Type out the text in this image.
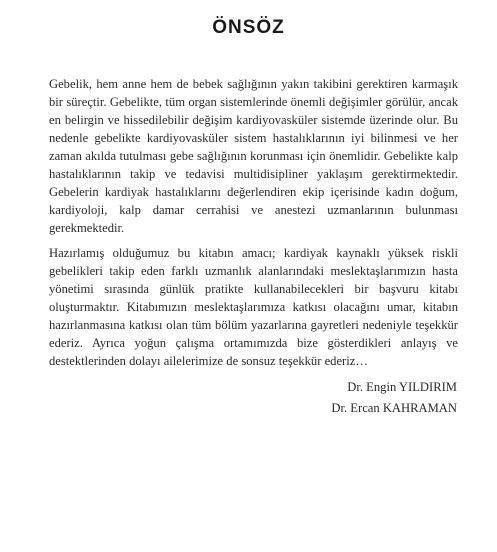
ÖNSÖZ

Gebelik, hem anne hem de bebek sağlığının yakın takibini gerektiren karmaşık bir süreçtir. Gebelikte, tüm organ sistemlerinde önemli değişimler görülür, ancak en belirgin ve hissedilebilir değişim kardiyovasküler sistemde üzerinde olur. Bu nedenle gebelikte kardiyovasküler sistem hastalıklarının iyi bilinmesi ve her zaman akılda tutulması gebe sağlığının korunması için önemlidir. Gebelikte kalp hastalıklarının takip ve tedavisi multidisipliner yaklaşım gerektirmektedir. Gebelerin kardiyak hastalıklarını değerlendiren ekip içerisinde kadın doğum, kardiyoloji, kalp damar cerrahisi ve anestezi uzmanlarının bulunması gerekmektedir.

Hazırlamış olduğumuz bu kitabın amacı; kardiyak kaynaklı yüksek riskli gebelikleri takip eden farklı uzmanlık alanlarındaki meslektaşlarımızın hasta yönetimi sırasında günlük pratikte kullanabilecekleri bir başvuru kitabı oluşturmaktır. Kitabımızın meslektaşlarımıza katkısı olacağını umar, kitabın hazırlanmasına katkısı olan tüm bölüm yazarlarına gayretleri nedeniyle teşekkür ederiz. Ayrıca yoğun çalışma ortamımızda bize gösterdikleri anlayış ve destektlerinden dolayı ailelerimize de sonsuz teşekkür ederiz…

Dr. Engin YILDIRIM
Dr. Ercan KAHRAMAN
